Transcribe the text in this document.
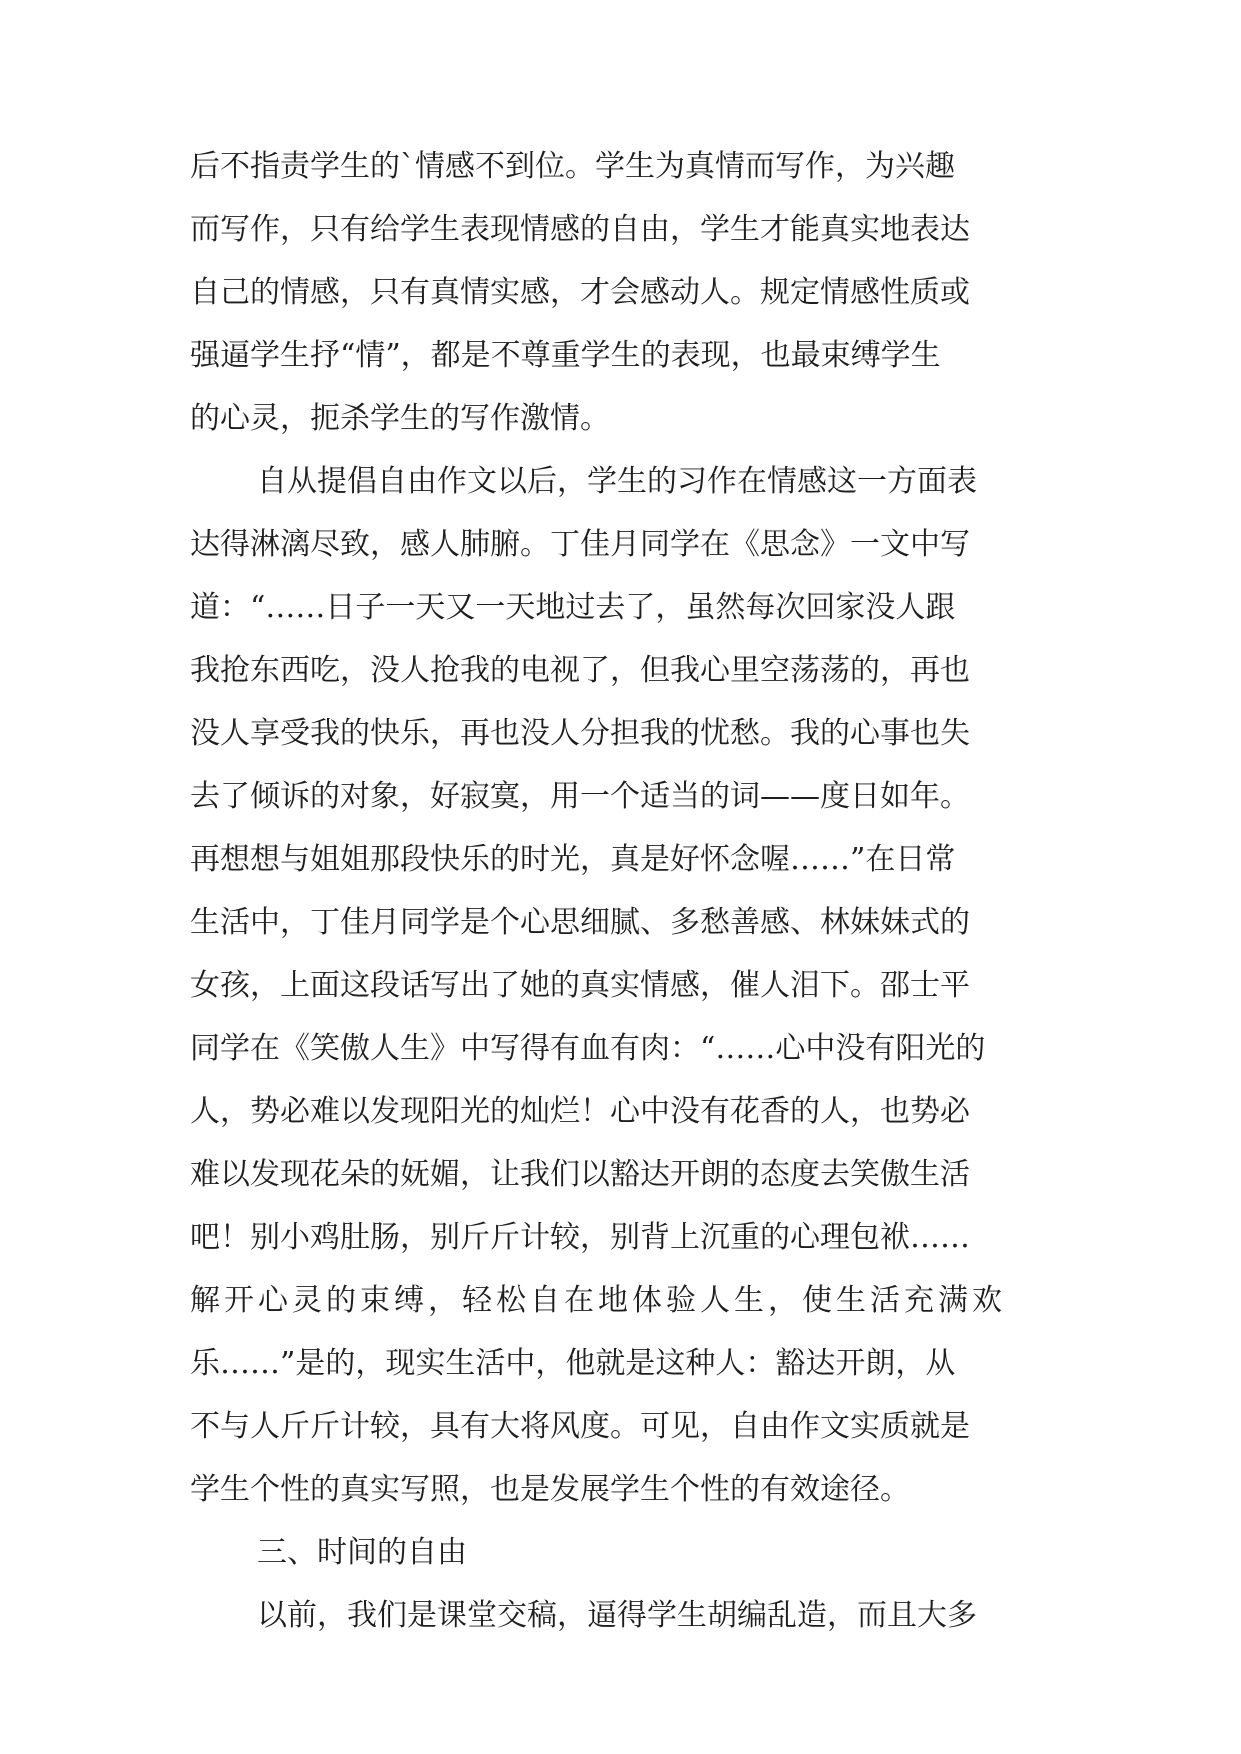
后不指责学生的`情感不到位。学生为真情而写作，为兴趣

而写作，只有给学生表现情感的自由，学生才能真实地表达

自己的情感，只有真情实感，才会感动人。规定情感性质或

强逼学生抒“情”，都是不尊重学生的表现，也最束缚学生

的心灵，扼杀学生的写作激情。

自从提倡自由作文以后，学生的习作在情感这一方面表

达得淋漓尽致，感人肺腑。丁佳月同学在《思念》一文中写

道：“……日子一天又一天地过去了，虽然每次回家没人跟

我抢东西吃，没人抢我的电视了，但我心里空荡荡的，再也

没人享受我的快乐，再也没人分担我的忧愁。我的心事也失

去了倾诉的对象，好寂寞，用一个适当的词——度日如年。

再想想与姐姐那段快乐的时光，真是好怀念喔……”在日常

生活中，丁佳月同学是个心思细腻、多愁善感、林妹妹式的

女孩，上面这段话写出了她的真实情感，催人泪下。邵士平

同学在《笑傲人生》中写得有血有肉：“……心中没有阳光的

人，势必难以发现阳光的灿烂！心中没有花香的人，也势必

难以发现花朵的妩媚，让我们以豁达开朗的态度去笑傲生活

吧！别小鸡肚肠，别斤斤计较，别背上沉重的心理包袱……

解开心灵的束缚，轻松自在地体验人生，使生活充满欢

乐……”是的，现实生活中，他就是这种人：豁达开朗，从

不与人斤斤计较，具有大将风度。可见，自由作文实质就是

学生个性的真实写照，也是发展学生个性的有效途径。

三、时间的自由

以前，我们是课堂交稿，逼得学生胡编乱造，而且大多
